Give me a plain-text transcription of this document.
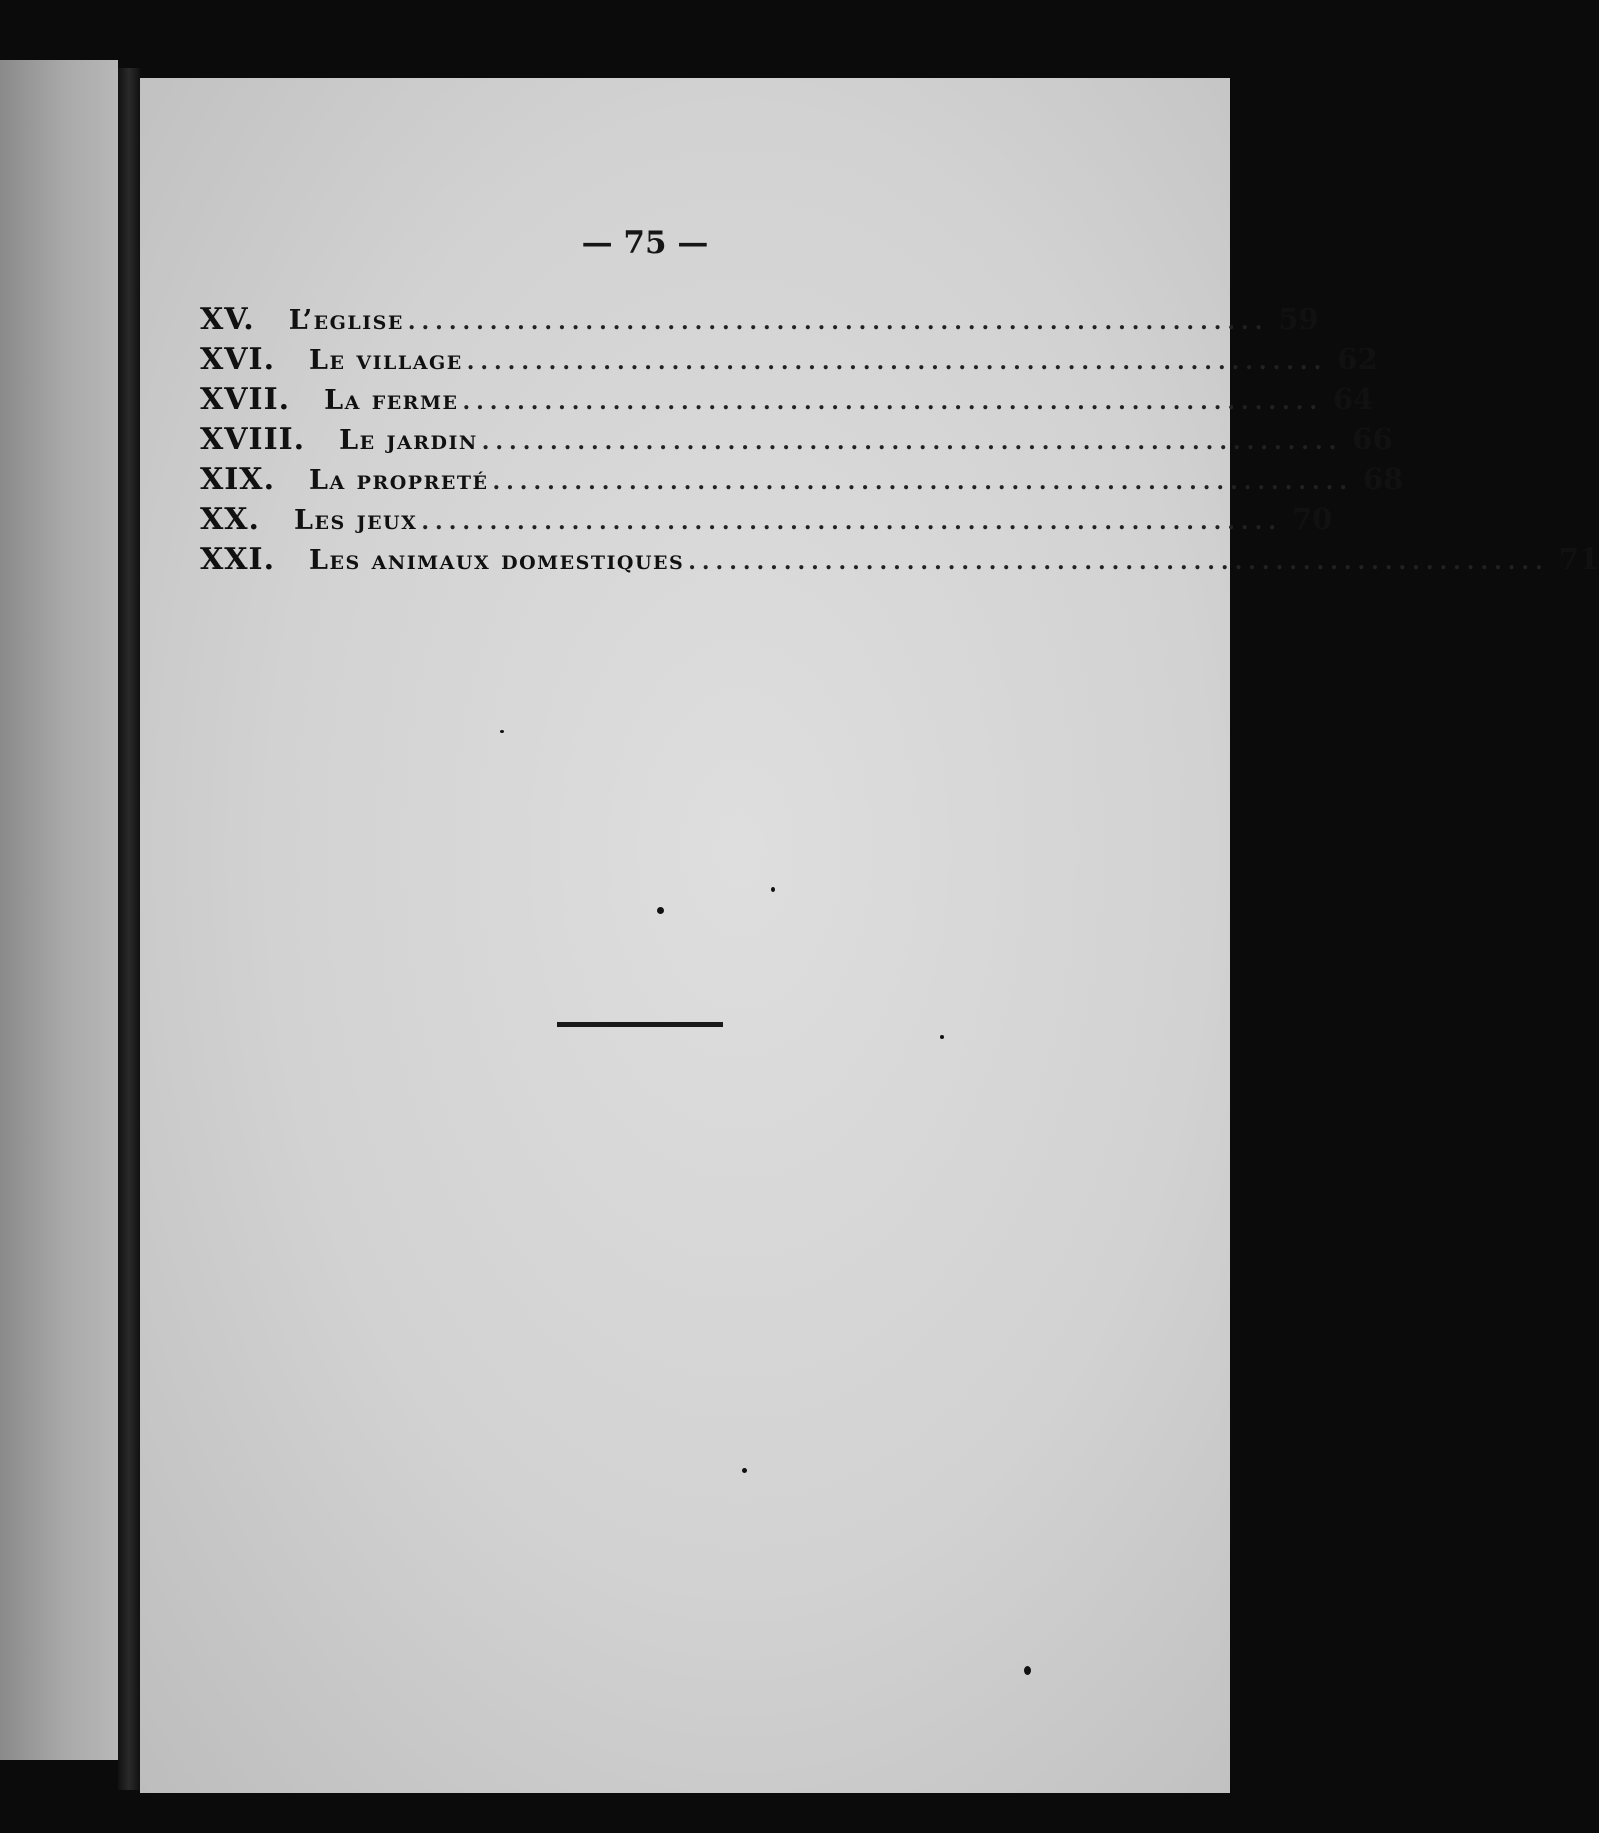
— 75 —
XV.	L’eglise ............................................................... 59
XVI.	Le village ............................................................... 62
XVII.	La ferme ............................................................... 64
XVIII.	Le jardin ............................................................... 66
XIX.	La propreté ............................................................... 68
XX.	Les jeux ............................................................... 70
XXI.	Les animaux domestiques ............................................................... 71
